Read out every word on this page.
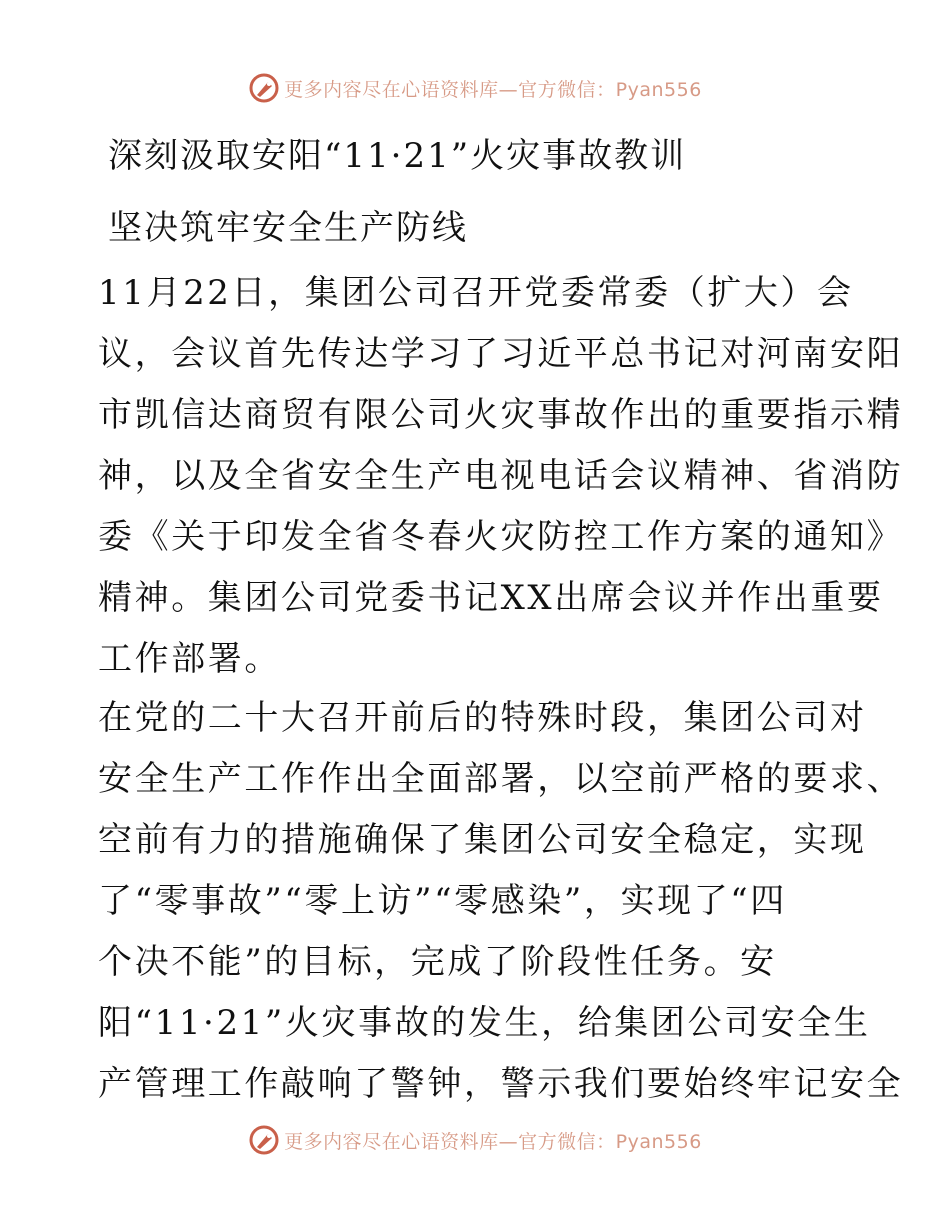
更多内容尽在心语资料库—官方微信：Pyan556
深刻汲取安阳“11·21”火灾事故教训
坚决筑牢安全生产防线
11月22日，集团公司召开党委常委（扩大）会
议，会议首先传达学习了习近平总书记对河南安阳
市凯信达商贸有限公司火灾事故作出的重要指示精
神，以及全省安全生产电视电话会议精神、省消防
委《关于印发全省冬春火灾防控工作方案的通知》
精神。集团公司党委书记XX出席会议并作出重要
工作部署。
在党的二十大召开前后的特殊时段，集团公司对
安全生产工作作出全面部署，以空前严格的要求、
空前有力的措施确保了集团公司安全稳定，实现
了“零事故”“零上访”“零感染”，实现了“四
个决不能”的目标，完成了阶段性任务。安
阳“11·21”火灾事故的发生，给集团公司安全生
产管理工作敲响了警钟，警示我们要始终牢记安全
更多内容尽在心语资料库—官方微信：Pyan556
